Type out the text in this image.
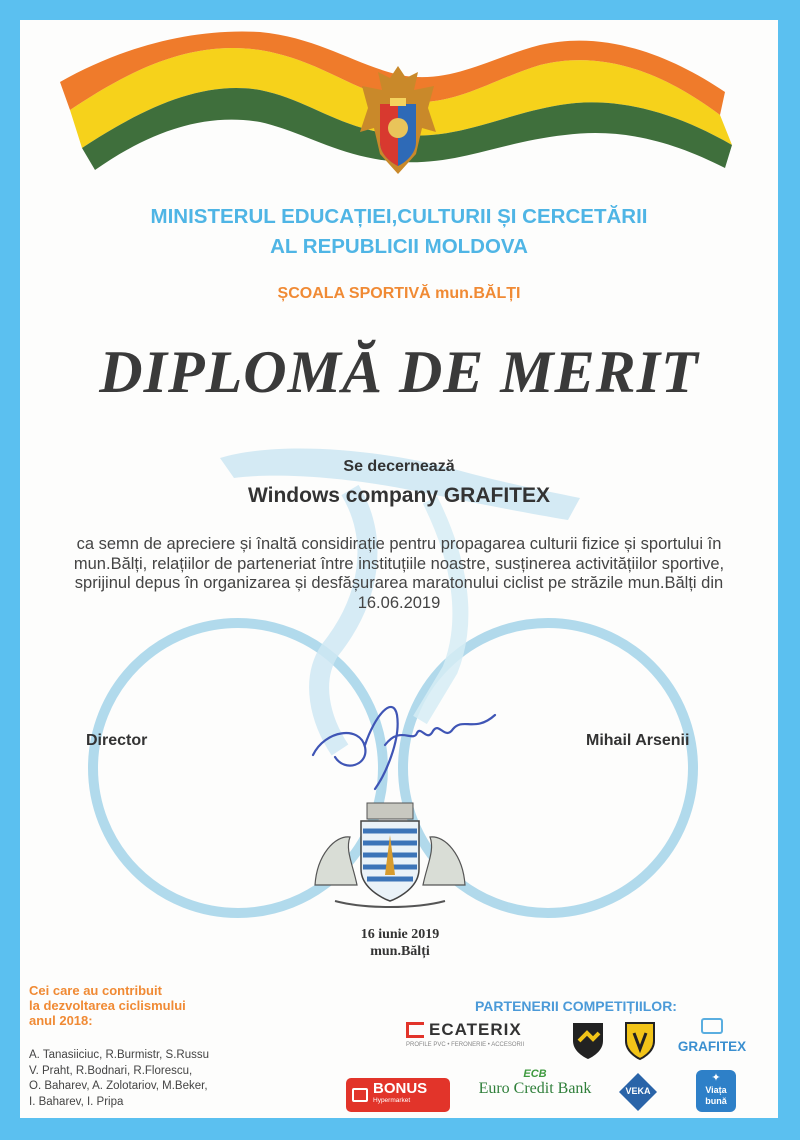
MINISTERUL EDUCAȚIEI,CULTURII ȘI CERCETĂRII
AL REPUBLICII MOLDOVA
ȘCOALA SPORTIVĂ mun.BĂLȚI
DIPLOMĂ DE MERIT
Se decernează
Windows company GRAFITEX
ca semn de apreciere și înaltă considirație pentru propagarea culturii fizice și sportului în
mun.Bălți, relațiilor de parteneriat între instituțiile noastre, susținerea activitățiilor sportive,
sprijinul depus în organizarea și desfășurarea maratonului ciclist pe străzile mun.Bălți din
16.06.2019
Director	Mihail Arsenii
16 iunie 2019
mun.Bălți
Cei care au contribuit
la dezvoltarea ciclismului
anul 2018:
A. Tanasiiciuc, R.Burmistr, S.Russu
V. Praht, R.Bodnari, R.Florescu,
O. Baharev, A. Zolotariov, M.Beker,
I. Baharev, I. Pripa
PARTENERII COMPETIȚIILOR:
ECATERIX
PROFILE PVC • FERONERIE • ACCESORII	GRAFITEX
BONUS
Hypermarket
ECB
Euro Credit Bank	VEKA
✦
Viața
bună
